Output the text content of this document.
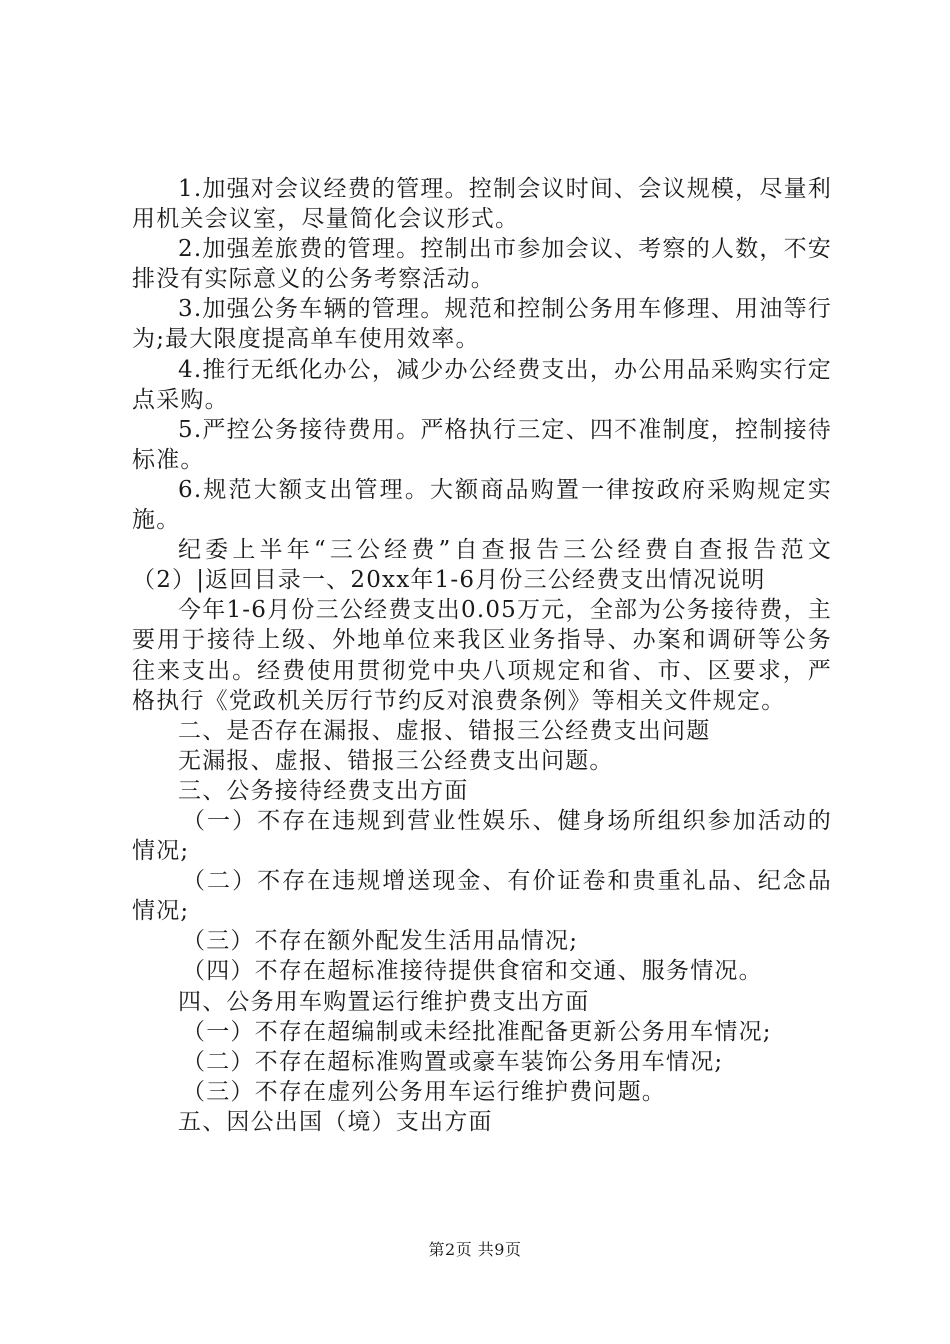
1.加强对会议经费的管理。控制会议时间、会议规模，尽量利用机关会议室，尽量简化会议形式。

2.加强差旅费的管理。控制出市参加会议、考察的人数，不安排没有实际意义的公务考察活动。

3.加强公务车辆的管理。规范和控制公务用车修理、用油等行为;最大限度提高单车使用效率。

4.推行无纸化办公，减少办公经费支出，办公用品采购实行定点采购。

5.严控公务接待费用。严格执行三定、四不准制度，控制接待标准。

6.规范大额支出管理。大额商品购置一律按政府采购规定实施。

纪委上半年“三公经费”自查报告三公经费自查报告范文（2）|返回目录一、20xx年1-6月份三公经费支出情况说明

今年1-6月份三公经费支出0.05万元，全部为公务接待费，主要用于接待上级、外地单位来我区业务指导、办案和调研等公务往来支出。经费使用贯彻党中央八项规定和省、市、区要求，严格执行《党政机关厉行节约反对浪费条例》等相关文件规定。

二、是否存在漏报、虚报、错报三公经费支出问题

无漏报、虚报、错报三公经费支出问题。

三、公务接待经费支出方面

（一）不存在违规到营业性娱乐、健身场所组织参加活动的情况;

（二）不存在违规增送现金、有价证卷和贵重礼品、纪念品情况;

（三）不存在额外配发生活用品情况;

（四）不存在超标准接待提供食宿和交通、服务情况。

四、公务用车购置运行维护费支出方面

（一）不存在超编制或未经批准配备更新公务用车情况;

（二）不存在超标准购置或豪车装饰公务用车情况;

（三）不存在虚列公务用车运行维护费问题。

五、因公出国（境）支出方面

第2页 共9页
